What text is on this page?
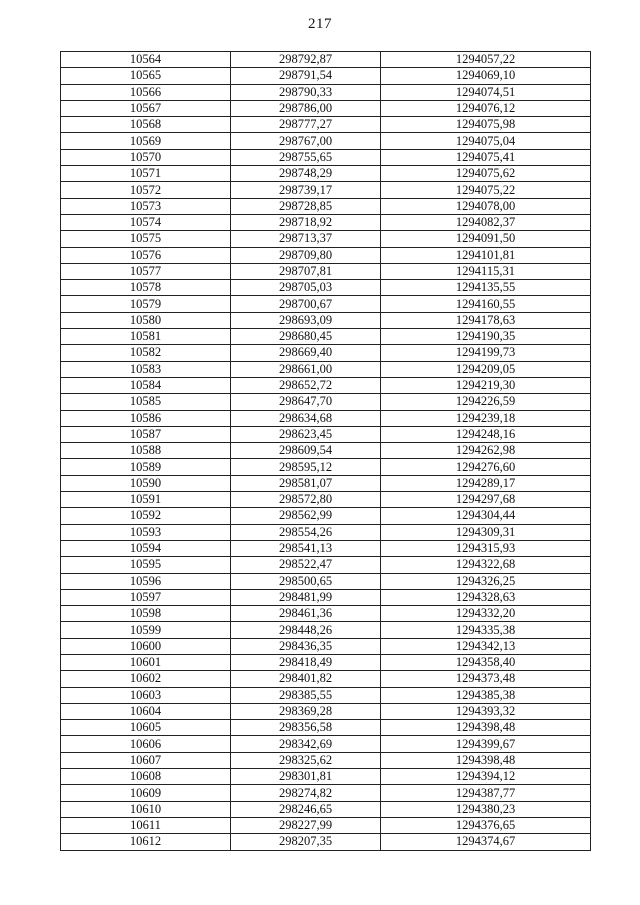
217
10564	298792,87	1294057,22
10565	298791,54	1294069,10
10566	298790,33	1294074,51
10567	298786,00	1294076,12
10568	298777,27	1294075,98
10569	298767,00	1294075,04
10570	298755,65	1294075,41
10571	298748,29	1294075,62
10572	298739,17	1294075,22
10573	298728,85	1294078,00
10574	298718,92	1294082,37
10575	298713,37	1294091,50
10576	298709,80	1294101,81
10577	298707,81	1294115,31
10578	298705,03	1294135,55
10579	298700,67	1294160,55
10580	298693,09	1294178,63
10581	298680,45	1294190,35
10582	298669,40	1294199,73
10583	298661,00	1294209,05
10584	298652,72	1294219,30
10585	298647,70	1294226,59
10586	298634,68	1294239,18
10587	298623,45	1294248,16
10588	298609,54	1294262,98
10589	298595,12	1294276,60
10590	298581,07	1294289,17
10591	298572,80	1294297,68
10592	298562,99	1294304,44
10593	298554,26	1294309,31
10594	298541,13	1294315,93
10595	298522,47	1294322,68
10596	298500,65	1294326,25
10597	298481,99	1294328,63
10598	298461,36	1294332,20
10599	298448,26	1294335,38
10600	298436,35	1294342,13
10601	298418,49	1294358,40
10602	298401,82	1294373,48
10603	298385,55	1294385,38
10604	298369,28	1294393,32
10605	298356,58	1294398,48
10606	298342,69	1294399,67
10607	298325,62	1294398,48
10608	298301,81	1294394,12
10609	298274,82	1294387,77
10610	298246,65	1294380,23
10611	298227,99	1294376,65
10612	298207,35	1294374,67
